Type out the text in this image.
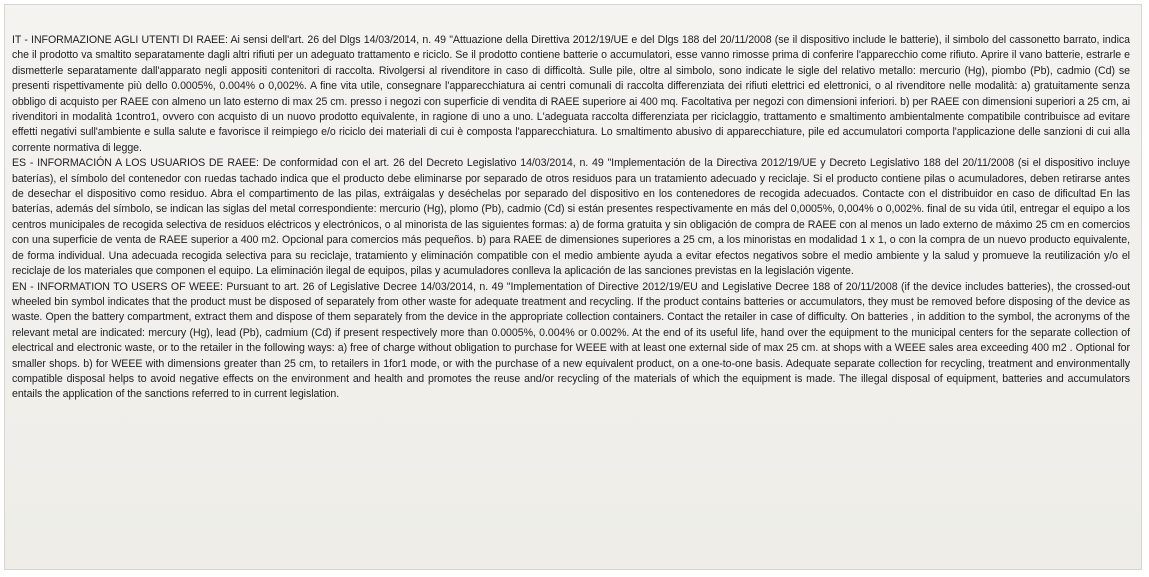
IT - INFORMAZIONE AGLI UTENTI DI RAEE: Ai sensi dell'art. 26 del Dlgs 14/03/2014, n. 49 "Attuazione della Direttiva 2012/19/UE e del Dlgs 188 del 20/11/2008 (se il dispositivo include le batterie), il simbolo del cassonetto barrato, indica che il prodotto va smaltito separatamente dagli altri rifiuti per un adeguato trattamento e riciclo. Se il prodotto contiene batterie o accumulatori, esse vanno rimosse prima di conferire l'apparecchio come rifiuto. Aprire il vano batterie, estrarle e dismetterle separatamente dall'apparato negli appositi contenitori di raccolta. Rivolgersi al rivenditore in caso di difficoltà. Sulle pile, oltre al simbolo, sono indicate le sigle del relativo metallo: mercurio (Hg), piombo (Pb), cadmio (Cd) se presenti rispettivamente più dello 0.0005%, 0.004% o 0,002%. A fine vita utile, consegnare l'apparecchiatura ai centri comunali di raccolta differenziata dei rifiuti elettrici ed elettronici, o al rivenditore nelle modalità: a) gratuitamente senza obbligo di acquisto per RAEE con almeno un lato esterno di max 25 cm. presso i negozi con superficie di vendita di RAEE superiore ai 400 mq. Facoltativa per negozi con dimensioni inferiori. b) per RAEE con dimensioni superiori a 25 cm, ai rivenditori in modalità 1contro1, ovvero con acquisto di un nuovo prodotto equivalente, in ragione di uno a uno. L'adeguata raccolta differenziata per riciclaggio, trattamento e smaltimento ambientalmente compatibile contribuisce ad evitare effetti negativi sull'ambiente e sulla salute e favorisce il reimpiego e/o riciclo dei materiali di cui è composta l'apparecchiatura. Lo smaltimento abusivo di apparecchiature, pile ed accumulatori comporta l'applicazione delle sanzioni di cui alla corrente normativa di legge.

ES - INFORMACIÓN A LOS USUARIOS DE RAEE: De conformidad con el art. 26 del Decreto Legislativo 14/03/2014, n. 49 "Implementación de la Directiva 2012/19/UE y Decreto Legislativo 188 del 20/11/2008 (si el dispositivo incluye baterías), el símbolo del contenedor con ruedas tachado indica que el producto debe eliminarse por separado de otros residuos para un tratamiento adecuado y reciclaje. Si el producto contiene pilas o acumuladores, deben retirarse antes de desechar el dispositivo como residuo. Abra el compartimento de las pilas, extráigalas y deséchelas por separado del dispositivo en los contenedores de recogida adecuados. Contacte con el distribuidor en caso de dificultad En las baterías, además del símbolo, se indican las siglas del metal correspondiente: mercurio (Hg), plomo (Pb), cadmio (Cd) si están presentes respectivamente en más del 0,0005%, 0,004% o 0,002%. final de su vida útil, entregar el equipo a los centros municipales de recogida selectiva de residuos eléctricos y electrónicos, o al minorista de las siguientes formas: a) de forma gratuita y sin obligación de compra de RAEE con al menos un lado externo de máximo 25 cm en comercios con una superficie de venta de RAEE superior a 400 m2. Opcional para comercios más pequeños. b) para RAEE de dimensiones superiores a 25 cm, a los minoristas en modalidad 1 x 1, o con la compra de un nuevo producto equivalente, de forma individual. Una adecuada recogida selectiva para su reciclaje, tratamiento y eliminación compatible con el medio ambiente ayuda a evitar efectos negativos sobre el medio ambiente y la salud y promueve la reutilización y/o el reciclaje de los materiales que componen el equipo. La eliminación ilegal de equipos, pilas y acumuladores conlleva la aplicación de las sanciones previstas en la legislación vigente.

EN - INFORMATION TO USERS OF WEEE: Pursuant to art. 26 of Legislative Decree 14/03/2014, n. 49 "Implementation of Directive 2012/19/EU and Legislative Decree 188 of 20/11/2008 (if the device includes batteries), the crossed-out wheeled bin symbol indicates that the product must be disposed of separately from other waste for adequate treatment and recycling. If the product contains batteries or accumulators, they must be removed before disposing of the device as waste. Open the battery compartment, extract them and dispose of them separately from the device in the appropriate collection containers. Contact the retailer in case of difficulty. On batteries , in addition to the symbol, the acronyms of the relevant metal are indicated: mercury (Hg), lead (Pb), cadmium (Cd) if present respectively more than 0.0005%, 0.004% or 0.002%. At the end of its useful life, hand over the equipment to the municipal centers for the separate collection of electrical and electronic waste, or to the retailer in the following ways: a) free of charge without obligation to purchase for WEEE with at least one external side of max 25 cm. at shops with a WEEE sales area exceeding 400 m2 . Optional for smaller shops. b) for WEEE with dimensions greater than 25 cm, to retailers in 1for1 mode, or with the purchase of a new equivalent product, on a one-to-one basis. Adequate separate collection for recycling, treatment and environmentally compatible disposal helps to avoid negative effects on the environment and health and promotes the reuse and/or recycling of the materials of which the equipment is made. The illegal disposal of equipment, batteries and accumulators entails the application of the sanctions referred to in current legislation.
